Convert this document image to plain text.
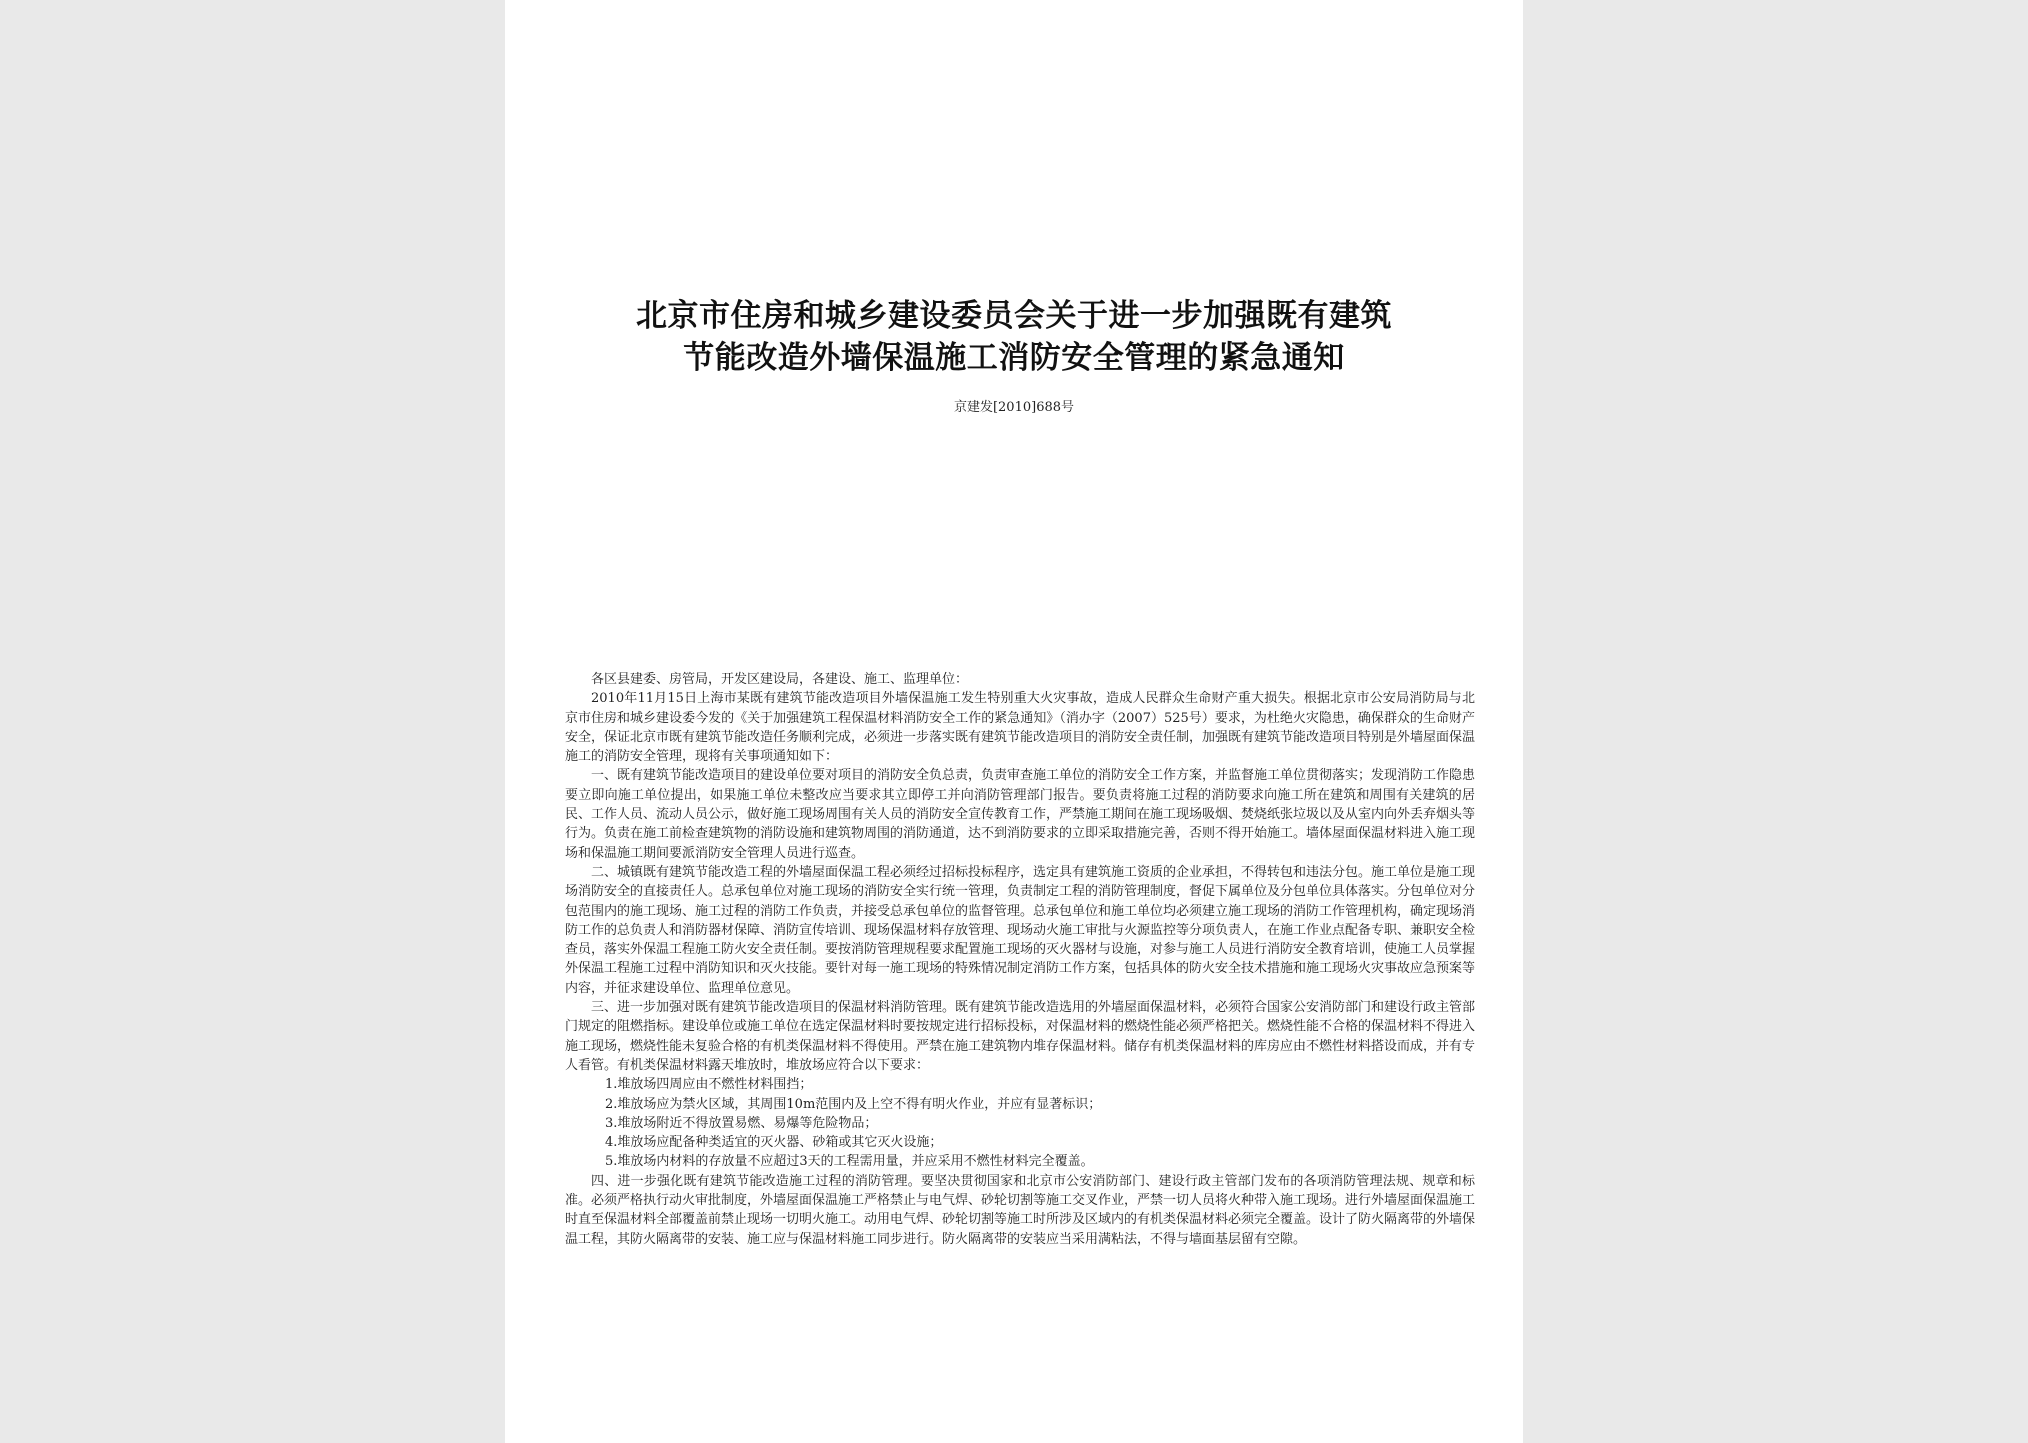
北京市住房和城乡建设委员会关于进一步加强既有建筑
节能改造外墙保温施工消防安全管理的紧急通知
京建发[2010]688号

各区县建委、房管局，开发区建设局，各建设、施工、监理单位：

2010年11月15日上海市某既有建筑节能改造项目外墙保温施工发生特别重大火灾事故，造成人民群众生命财产重大损失。根据北京市公安局消防局与北京市住房和城乡建设委今发的《关于加强建筑工程保温材料消防安全工作的紧急通知》（消办字（2007）525号）要求，为杜绝火灾隐患，确保群众的生命财产安全，保证北京市既有建筑节能改造任务顺利完成，必须进一步落实既有建筑节能改造项目的消防安全责任制，加强既有建筑节能改造项目特别是外墙屋面保温施工的消防安全管理，现将有关事项通知如下：

一、既有建筑节能改造项目的建设单位要对项目的消防安全负总责，负责审查施工单位的消防安全工作方案，并监督施工单位贯彻落实；发现消防工作隐患要立即向施工单位提出，如果施工单位未整改应当要求其立即停工并向消防管理部门报告。要负责将施工过程的消防要求向施工所在建筑和周围有关建筑的居民、工作人员、流动人员公示，做好施工现场周围有关人员的消防安全宣传教育工作，严禁施工期间在施工现场吸烟、焚烧纸张垃圾以及从室内向外丢弃烟头等行为。负责在施工前检查建筑物的消防设施和建筑物周围的消防通道，达不到消防要求的立即采取措施完善，否则不得开始施工。墙体屋面保温材料进入施工现场和保温施工期间要派消防安全管理人员进行巡查。

二、城镇既有建筑节能改造工程的外墙屋面保温工程必须经过招标投标程序，选定具有建筑施工资质的企业承担，不得转包和违法分包。施工单位是施工现场消防安全的直接责任人。总承包单位对施工现场的消防安全实行统一管理，负责制定工程的消防管理制度，督促下属单位及分包单位具体落实。分包单位对分包范围内的施工现场、施工过程的消防工作负责，并接受总承包单位的监督管理。总承包单位和施工单位均必须建立施工现场的消防工作管理机构，确定现场消防工作的总负责人和消防器材保障、消防宣传培训、现场保温材料存放管理、现场动火施工审批与火源监控等分项负责人，在施工作业点配备专职、兼职安全检查员，落实外保温工程施工防火安全责任制。要按消防管理规程要求配置施工现场的灭火器材与设施，对参与施工人员进行消防安全教育培训，使施工人员掌握外保温工程施工过程中消防知识和灭火技能。要针对每一施工现场的特殊情况制定消防工作方案，包括具体的防火安全技术措施和施工现场火灾事故应急预案等内容，并征求建设单位、监理单位意见。

三、进一步加强对既有建筑节能改造项目的保温材料消防管理。既有建筑节能改造选用的外墙屋面保温材料，必须符合国家公安消防部门和建设行政主管部门规定的阻燃指标。建设单位或施工单位在选定保温材料时要按规定进行招标投标，对保温材料的燃烧性能必须严格把关。燃烧性能不合格的保温材料不得进入施工现场，燃烧性能未复验合格的有机类保温材料不得使用。严禁在施工建筑物内堆存保温材料。储存有机类保温材料的库房应由不燃性材料搭设而成，并有专人看管。有机类保温材料露天堆放时，堆放场应符合以下要求：

1.堆放场四周应由不燃性材料围挡；

2.堆放场应为禁火区域，其周围10m范围内及上空不得有明火作业，并应有显著标识；

3.堆放场附近不得放置易燃、易爆等危险物品；

4.堆放场应配备种类适宜的灭火器、砂箱或其它灭火设施；

5.堆放场内材料的存放量不应超过3天的工程需用量，并应采用不燃性材料完全覆盖。

四、进一步强化既有建筑节能改造施工过程的消防管理。要坚决贯彻国家和北京市公安消防部门、建设行政主管部门发布的各项消防管理法规、规章和标准。必须严格执行动火审批制度，外墙屋面保温施工严格禁止与电气焊、砂轮切割等施工交叉作业，严禁一切人员将火种带入施工现场。进行外墙屋面保温施工时直至保温材料全部覆盖前禁止现场一切明火施工。动用电气焊、砂轮切割等施工时所涉及区域内的有机类保温材料必须完全覆盖。设计了防火隔离带的外墙保温工程，其防火隔离带的安装、施工应与保温材料施工同步进行。防火隔离带的安装应当采用满粘法，不得与墙面基层留有空隙。
